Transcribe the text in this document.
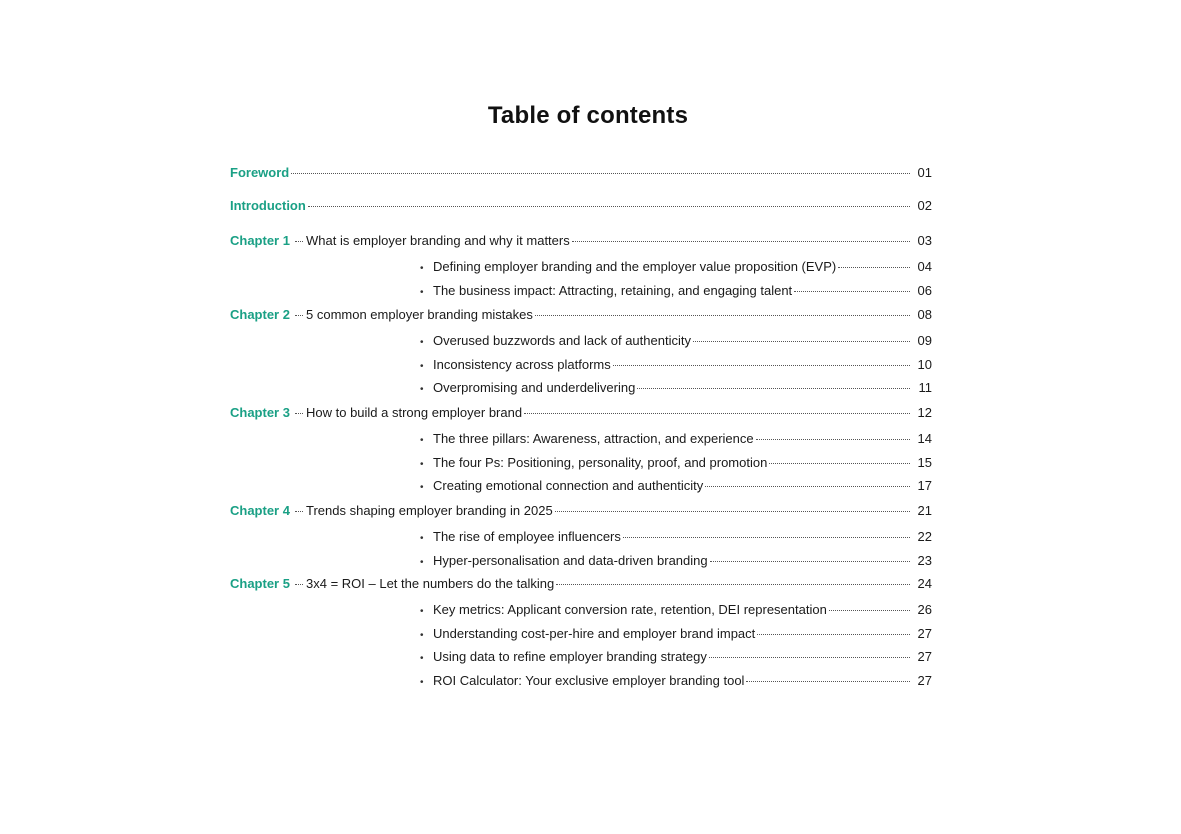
Table of contents
Foreword	01
Introduction	02
Chapter 1 What is employer branding and why it matters	03
• Defining employer branding and the employer value proposition (EVP)	04
• The business impact: Attracting, retaining, and engaging talent	06
Chapter 2 5 common employer branding mistakes	08
• Overused buzzwords and lack of authenticity	09
• Inconsistency across platforms	10
• Overpromising and underdelivering	11
Chapter 3 How to build a strong employer brand	12
• The three pillars: Awareness, attraction, and experience	14
• The four Ps: Positioning, personality, proof, and promotion	15
• Creating emotional connection and authenticity	17
Chapter 4 Trends shaping employer branding in 2025	21
• The rise of employee influencers	22
• Hyper-personalisation and data-driven branding	23
Chapter 5 3x4 = ROI – Let the numbers do the talking	24
• Key metrics: Applicant conversion rate, retention, DEI representation	26
• Understanding cost-per-hire and employer brand impact	27
• Using data to refine employer branding strategy	27
• ROI Calculator: Your exclusive employer branding tool	27
